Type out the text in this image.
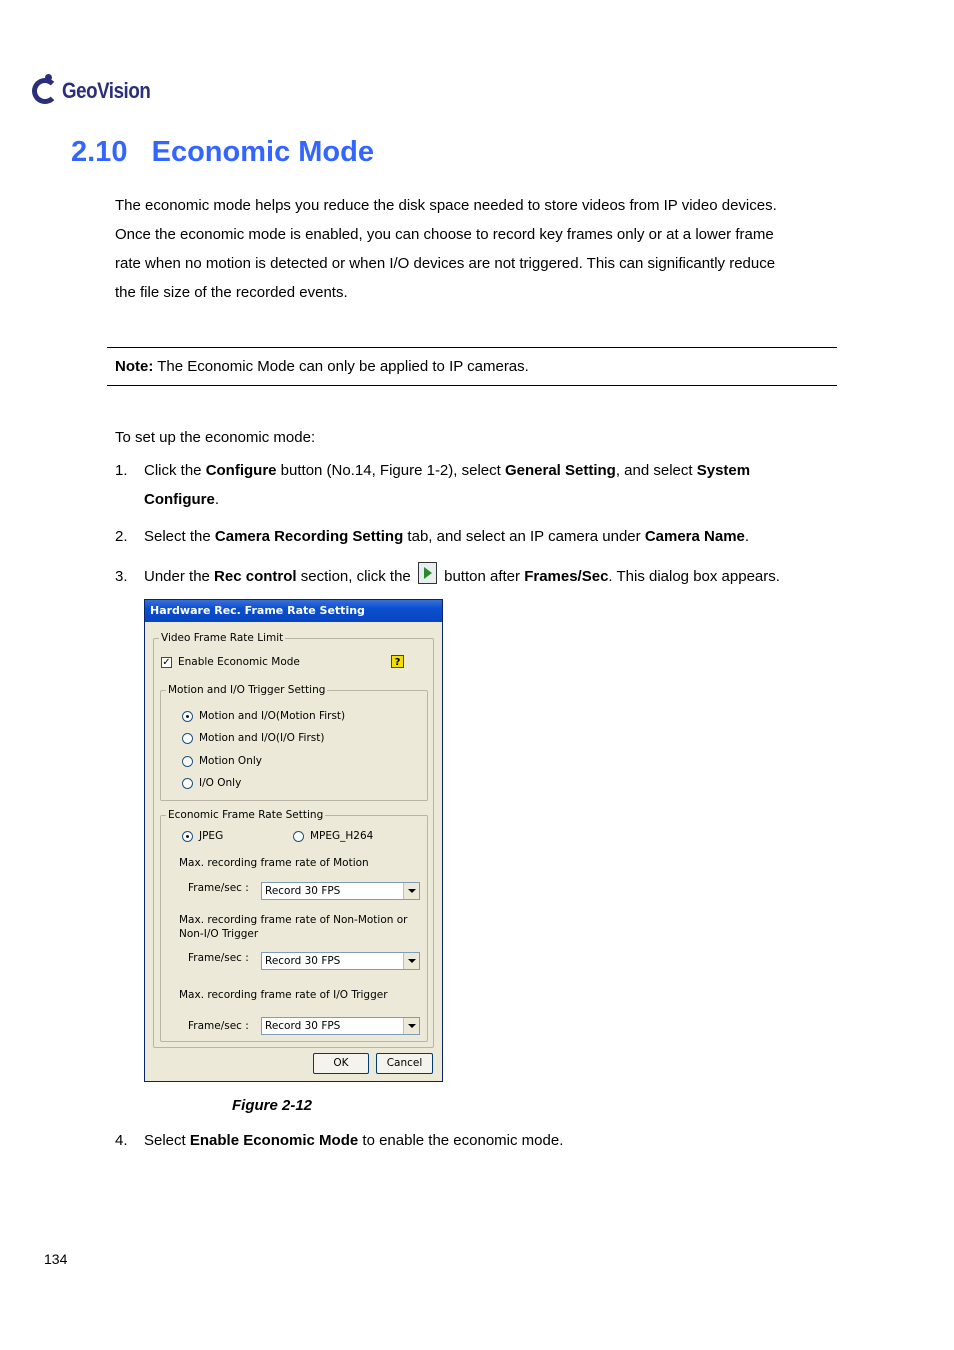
GeoVision
2.10 Economic Mode
The economic mode helps you reduce the disk space needed to store videos from IP video devices.
Once the economic mode is enabled, you can choose to record key frames only or at a lower frame
rate when no motion is detected or when I/O devices are not triggered. This can significantly reduce
the file size of the recorded events.
Note: The Economic Mode can only be applied to IP cameras.
To set up the economic mode:
1. Click the Configure button (No.14, Figure 1-2), select General Setting, and select System
Configure.
2. Select the Camera Recording Setting tab, and select an IP camera under Camera Name.
3. Under the Rec control section, click the  button after Frames/Sec. This dialog box appears.
Hardware Rec. Frame Rate Setting
Video Frame Rate Limit
✓ Enable Economic Mode	?
Motion and I/O Trigger Setting
Motion and I/O(Motion First)
Motion and I/O(I/O First)
Motion Only
I/O Only
Economic Frame Rate Setting
JPEG	MPEG_H264
Max. recording frame rate of Motion
Frame/sec :	Record 30 FPS
Max. recording frame rate of Non-Motion or
Non-I/O Trigger
Frame/sec :	Record 30 FPS
Max. recording frame rate of I/O Trigger
Frame/sec :	Record 30 FPS
OK	Cancel
Figure 2-12
4. Select Enable Economic Mode to enable the economic mode.
134
